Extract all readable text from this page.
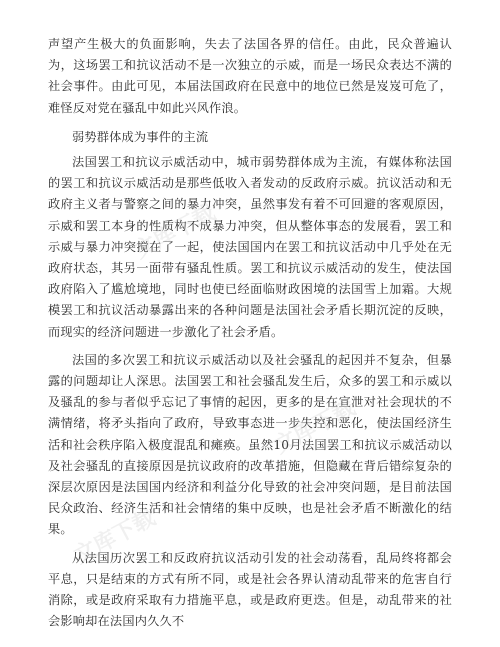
声望产生极大的负面影响，失去了法国各界的信任。由此，民众普遍认为，这场罢工和抗议活动不是一次独立的示威，而是一场民众表达不满的社会事件。由此可见，本届法国政府在民意中的地位已然是岌岌可危了，难怪反对党在骚乱中如此兴风作浪。

弱势群体成为事件的主流

法国罢工和抗议示威活动中，城市弱势群体成为主流，有媒体称法国的罢工和抗议示威活动是那些低收入者发动的反政府示威。抗议活动和无政府主义者与警察之间的暴力冲突，虽然事发有着不可回避的客观原因，示威和罢工本身的性质构不成暴力冲突，但从整体事态的发展看，罢工和示威与暴力冲突搅在了一起，使法国国内在罢工和抗议活动中几乎处在无政府状态，其另一面带有骚乱性质。罢工和抗议示威活动的发生，使法国政府陷入了尴尬境地，同时也使已经面临财政困境的法国雪上加霜。大规模罢工和抗议活动暴露出来的各种问题是法国社会矛盾长期沉淀的反映，而现实的经济问题进一步激化了社会矛盾。

法国的多次罢工和抗议示威活动以及社会骚乱的起因并不复杂，但暴露的问题却让人深思。法国罢工和社会骚乱发生后，众多的罢工和示威以及骚乱的参与者似乎忘记了事情的起因，更多的是在宣泄对社会现状的不满情绪，将矛头指向了政府，导致事态进一步失控和恶化，使法国经济生活和社会秩序陷入极度混乱和瘫痪。虽然10月法国罢工和抗议示威活动以及社会骚乱的直接原因是抗议政府的改革措施，但隐藏在背后错综复杂的深层次原因是法国国内经济和利益分化导致的社会冲突问题，是目前法国民众政治、经济生活和社会情绪的集中反映，也是社会矛盾不断激化的结果。

从法国历次罢工和反政府抗议活动引发的社会动荡看，乱局终将都会平息，只是结束的方式有所不同，或是社会各界认清动乱带来的危害自行消除，或是政府采取有力措施平息，或是政府更迭。但是，动乱带来的社会影响却在法国内久久不

文库下载
文库下载
文库下载
